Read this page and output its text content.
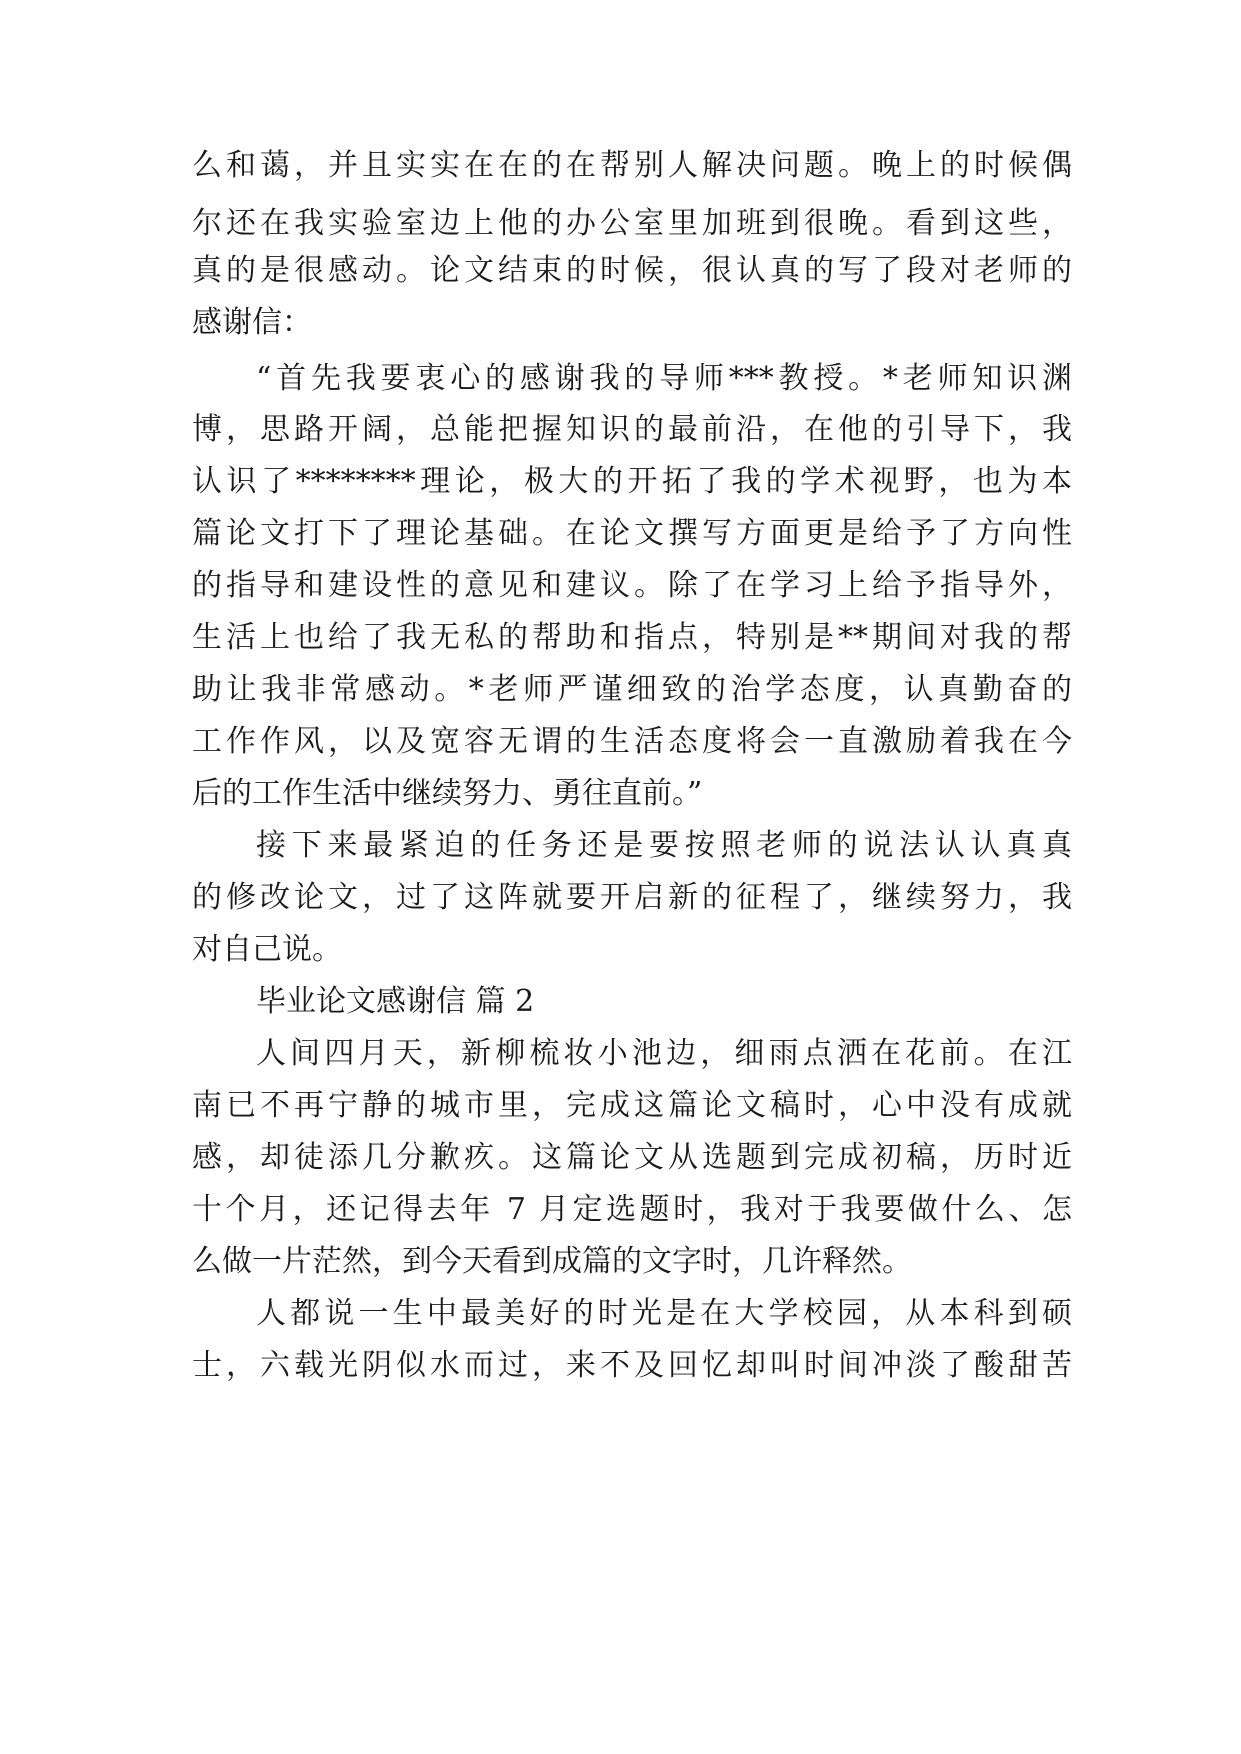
么和蔼，并且实实在在的在帮别人解决问题。晚上的时候偶
尔还在我实验室边上他的办公室里加班到很晚。看到这些，
真的是很感动。论文结束的时候，很认真的写了段对老师的
感谢信：
“首先我要衷心的感谢我的导师***教授。*老师知识渊
博，思路开阔，总能把握知识的最前沿，在他的引导下，我
认识了********理论，极大的开拓了我的学术视野，也为本
篇论文打下了理论基础。在论文撰写方面更是给予了方向性
的指导和建设性的意见和建议。除了在学习上给予指导外，
生活上也给了我无私的帮助和指点，特别是**期间对我的帮
助让我非常感动。*老师严谨细致的治学态度，认真勤奋的
工作作风，以及宽容无谓的生活态度将会一直激励着我在今
后的工作生活中继续努力、勇往直前。”
接下来最紧迫的任务还是要按照老师的说法认认真真
的修改论文，过了这阵就要开启新的征程了，继续努力，我
对自己说。
毕业论文感谢信 篇 2
人间四月天，新柳梳妆小池边，细雨点洒在花前。在江
南已不再宁静的城市里，完成这篇论文稿时，心中没有成就
感，却徒添几分歉疚。这篇论文从选题到完成初稿，历时近
十个月，还记得去年 7 月定选题时，我对于我要做什么、怎
么做一片茫然，到今天看到成篇的文字时，几许释然。
人都说一生中最美好的时光是在大学校园，从本科到硕
士，六载光阴似水而过，来不及回忆却叫时间冲淡了酸甜苦
